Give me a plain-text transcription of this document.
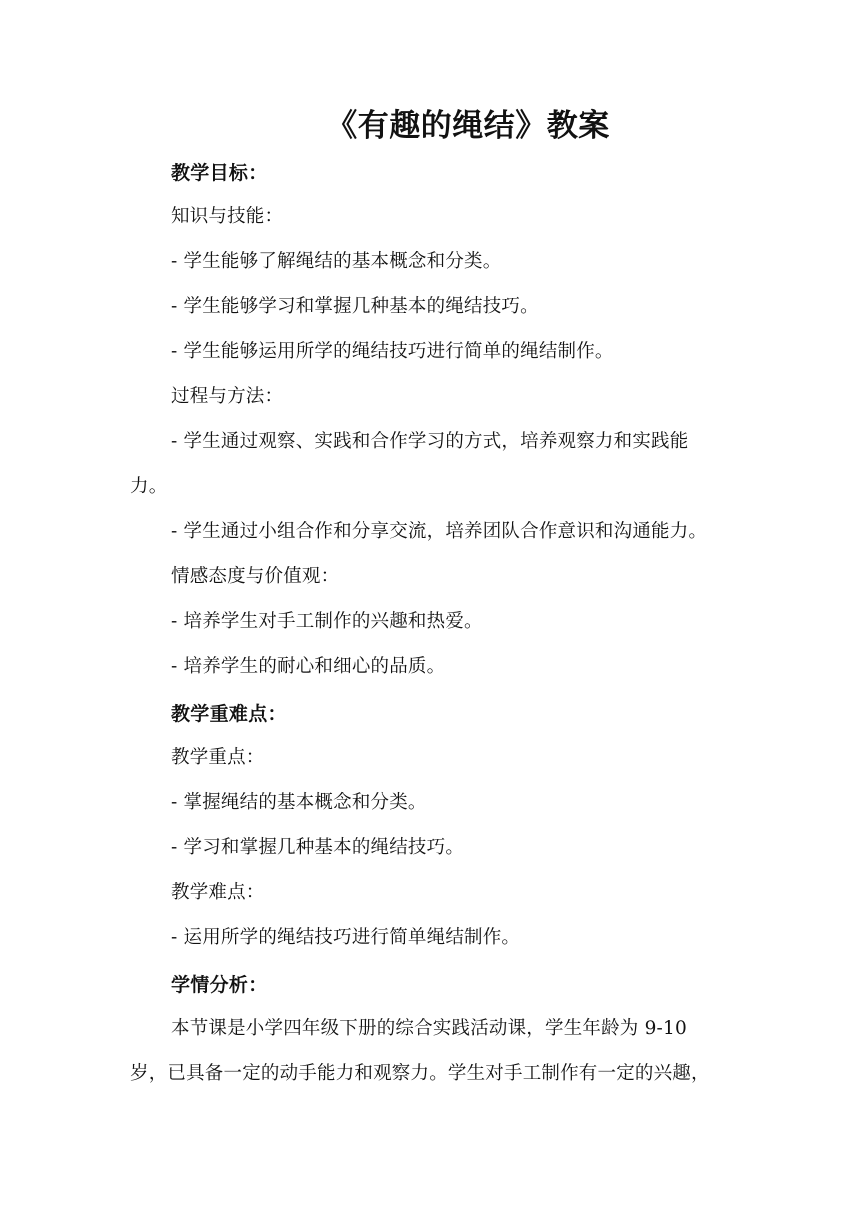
《有趣的绳结》教案
教学目标：
知识与技能：
- 学生能够了解绳结的基本概念和分类。
- 学生能够学习和掌握几种基本的绳结技巧。
- 学生能够运用所学的绳结技巧进行简单的绳结制作。
过程与方法：
- 学生通过观察、实践和合作学习的方式，培养观察力和实践能
力。
- 学生通过小组合作和分享交流，培养团队合作意识和沟通能力。
情感态度与价值观：
- 培养学生对手工制作的兴趣和热爱。
- 培养学生的耐心和细心的品质。
教学重难点：
教学重点：
- 掌握绳结的基本概念和分类。
- 学习和掌握几种基本的绳结技巧。
教学难点：
- 运用所学的绳结技巧进行简单绳结制作。
学情分析：
本节课是小学四年级下册的综合实践活动课，学生年龄为 9-10
岁，已具备一定的动手能力和观察力。学生对手工制作有一定的兴趣，
